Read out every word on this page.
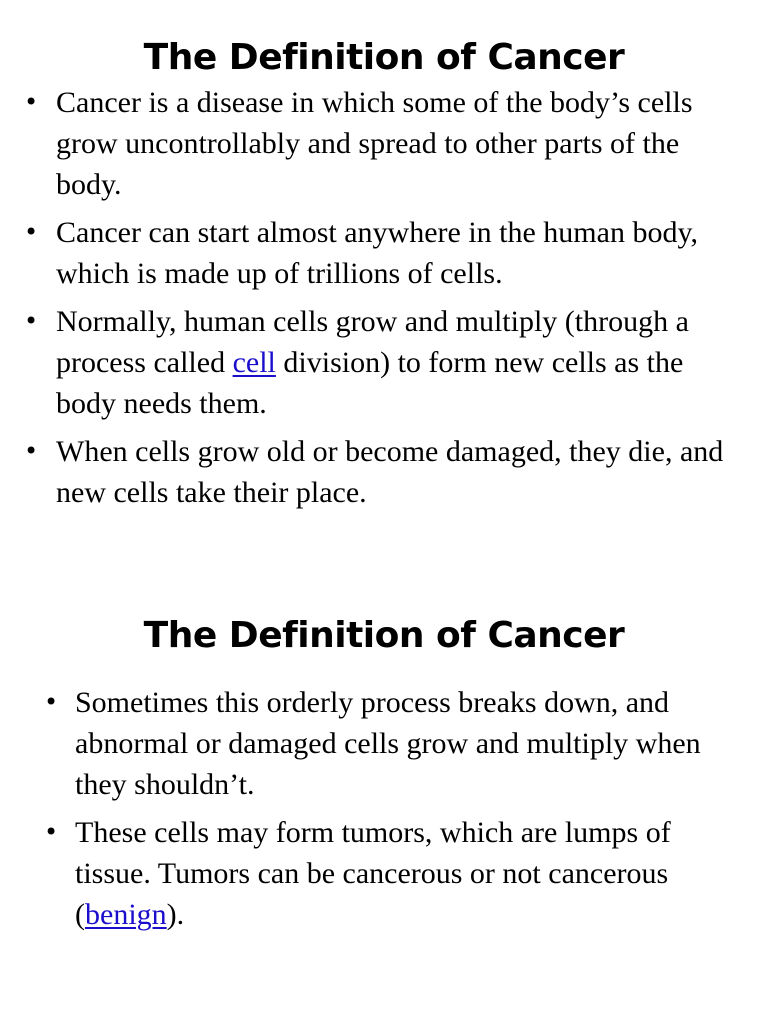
The Definition of Cancer
• Cancer is a disease in which some of the body’s cells grow uncontrollably and spread to other parts of the body.
• Cancer can start almost anywhere in the human body, which is made up of trillions of cells.
• Normally, human cells grow and multiply (through a process called cell division) to form new cells as the body needs them.
• When cells grow old or become damaged, they die, and new cells take their place.
The Definition of Cancer
• Sometimes this orderly process breaks down, and abnormal or damaged cells grow and multiply when they shouldn’t.
• These cells may form tumors, which are lumps of tissue. Tumors can be cancerous or not cancerous (benign).
